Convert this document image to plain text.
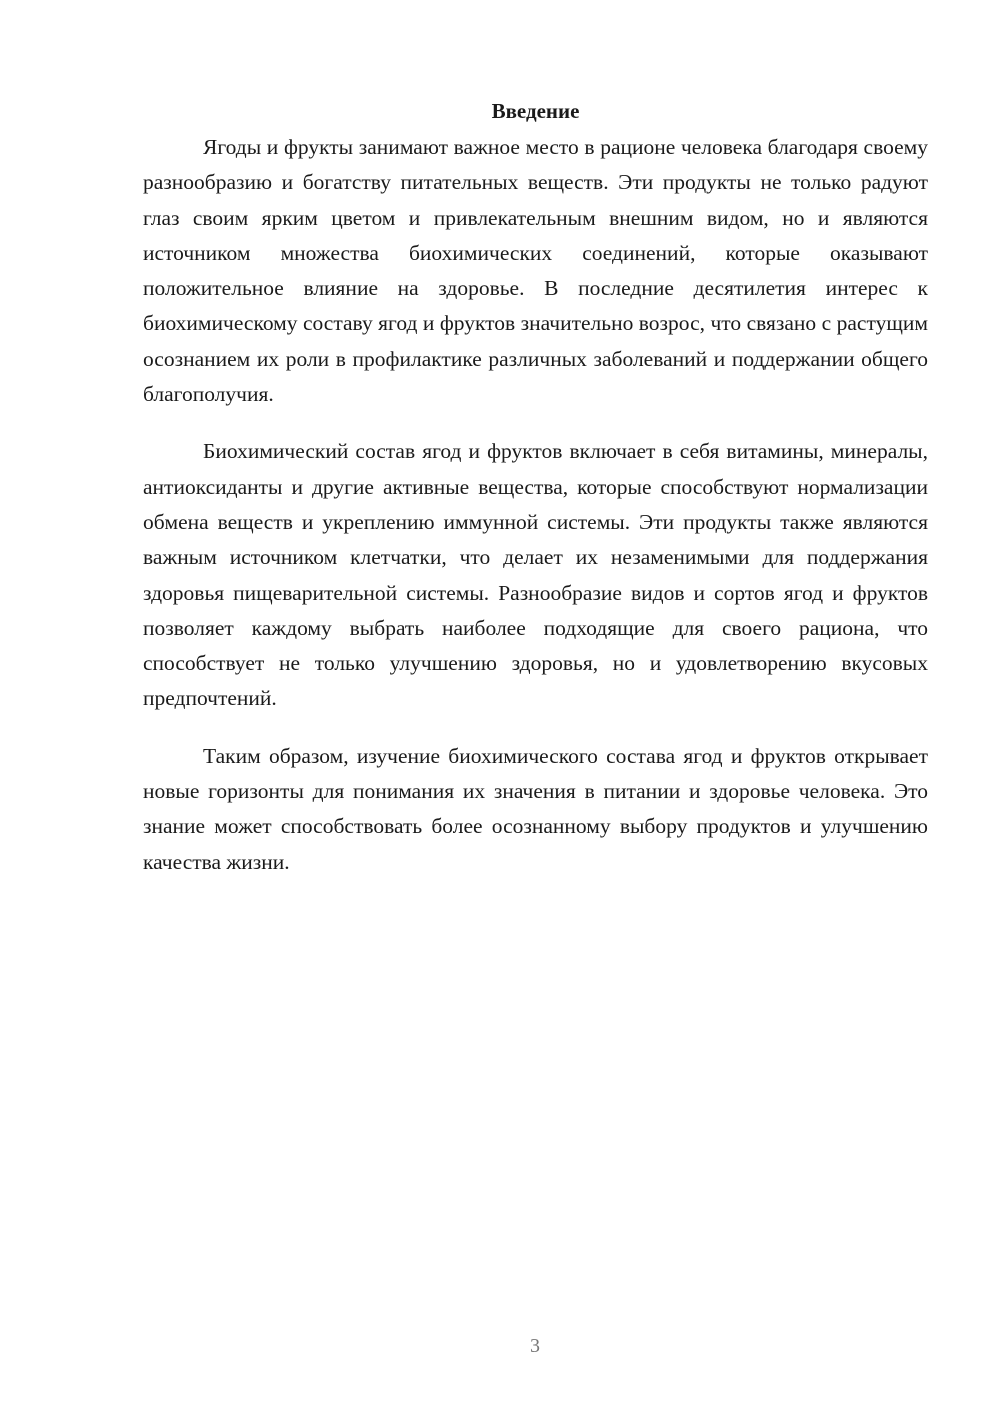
Введение

Ягоды и фрукты занимают важное место в рационе человека благодаря своему разнообразию и богатству питательных веществ. Эти продукты не только радуют глаз своим ярким цветом и привлекательным внешним видом, но и являются источником множества биохимических соединений, которые оказывают положительное влияние на здоровье. В последние десятилетия интерес к биохимическому составу ягод и фруктов значительно возрос, что связано с растущим осознанием их роли в профилактике различных заболеваний и поддержании общего благополучия.

Биохимический состав ягод и фруктов включает в себя витамины, минералы, антиоксиданты и другие активные вещества, которые способствуют нормализации обмена веществ и укреплению иммунной системы. Эти продукты также являются важным источником клетчатки, что делает их незаменимыми для поддержания здоровья пищеварительной системы. Разнообразие видов и сортов ягод и фруктов позволяет каждому выбрать наиболее подходящие для своего рациона, что способствует не только улучшению здоровья, но и удовлетворению вкусовых предпочтений.

Таким образом, изучение биохимического состава ягод и фруктов открывает новые горизонты для понимания их значения в питании и здоровье человека. Это знание может способствовать более осознанному выбору продуктов и улучшению качества жизни.

3
